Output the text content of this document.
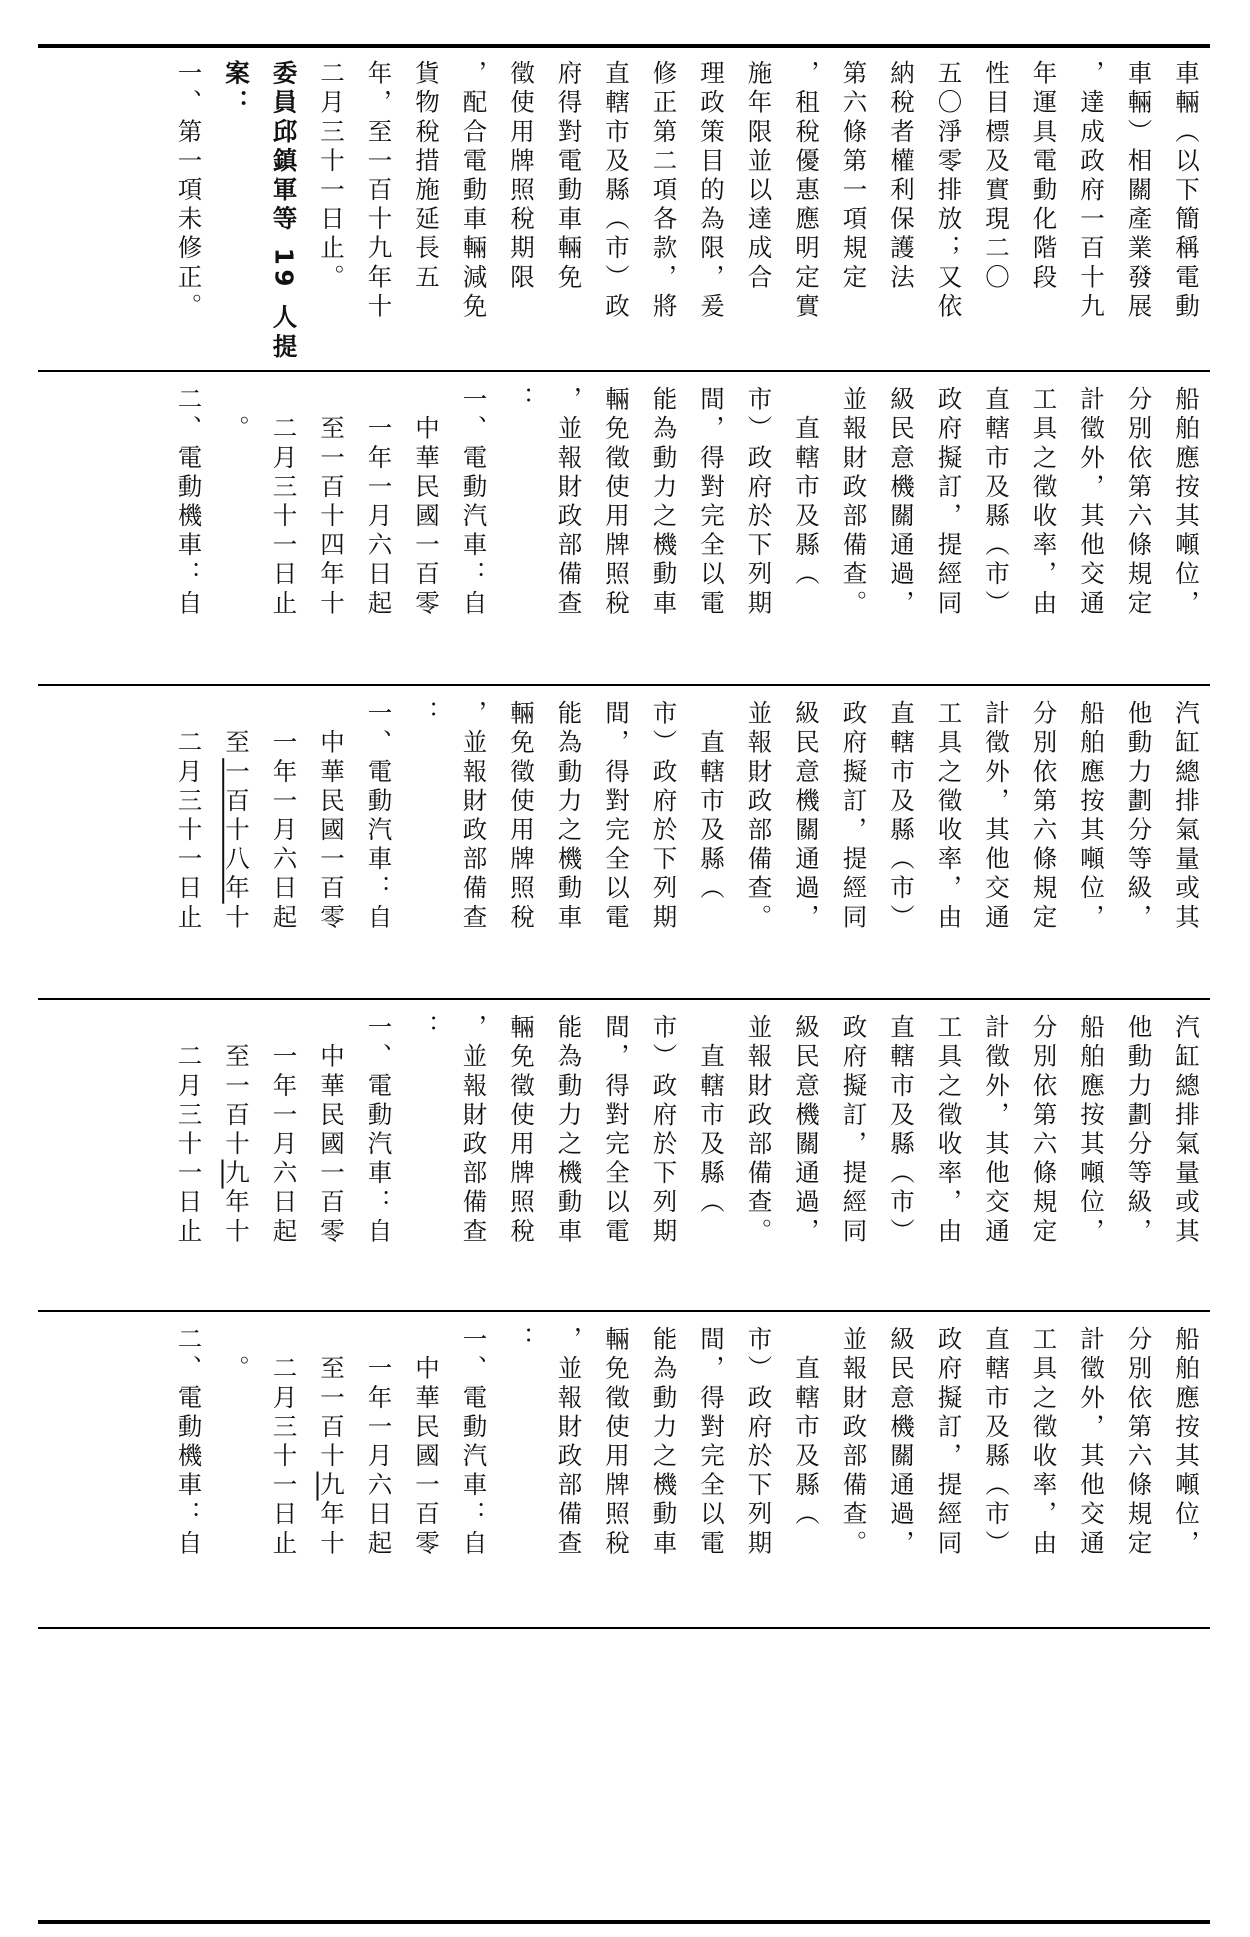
車輛（以下簡稱電動
車輛）相關產業發展
，達成政府一百十九
年運具電動化階段
性目標及實現二〇
五〇淨零排放；又依
納稅者權利保護法
第六條第一項規定
，租稅優惠應明定實
施年限並以達成合
理政策目的為限，爰
修正第二項各款，將
直轄市及縣（市）政
府得對電動車輛免
徵使用牌照稅期限
，配合電動車輛減免
貨物稅措施延長五
年，至一百十九年十
二月三十一日止。
委員邱鎮軍等 19 人提
案：
一、第一項未修正。
船舶應按其噸位，
分別依第六條規定
計徵外，其他交通
工具之徵收率，由
直轄市及縣（市）
政府擬訂，提經同
級民意機關通過，
並報財政部備查。
　直轄市及縣（
市）政府於下列期
間，得對完全以電
能為動力之機動車
輛免徵使用牌照稅
，並報財政部備查
：
一、電動汽車：自
　中華民國一百零
　一年一月六日起
　至一百十四年十
　二月三十一日止
　。
二、電動機車：自
汽缸總排氣量或其
他動力劃分等級，
船舶應按其噸位，
分別依第六條規定
計徵外，其他交通
工具之徵收率，由
直轄市及縣（市）
政府擬訂，提經同
級民意機關通過，
並報財政部備查。
　直轄市及縣（
市）政府於下列期
間，得對完全以電
能為動力之機動車
輛免徵使用牌照稅
，並報財政部備查
：
一、電動汽車：自
　中華民國一百零
　一年一月六日起
　至一百十八年十
　二月三十一日止
汽缸總排氣量或其
他動力劃分等級，
船舶應按其噸位，
分別依第六條規定
計徵外，其他交通
工具之徵收率，由
直轄市及縣（市）
政府擬訂，提經同
級民意機關通過，
並報財政部備查。
　直轄市及縣（
市）政府於下列期
間，得對完全以電
能為動力之機動車
輛免徵使用牌照稅
，並報財政部備查
：
一、電動汽車：自
　中華民國一百零
　一年一月六日起
　至一百十九年十
　二月三十一日止
船舶應按其噸位，
分別依第六條規定
計徵外，其他交通
工具之徵收率，由
直轄市及縣（市）
政府擬訂，提經同
級民意機關通過，
並報財政部備查。
　直轄市及縣（
市）政府於下列期
間，得對完全以電
能為動力之機動車
輛免徵使用牌照稅
，並報財政部備查
：
一、電動汽車：自
　中華民國一百零
　一年一月六日起
　至一百十九年十
　二月三十一日止
　。
二、電動機車：自
